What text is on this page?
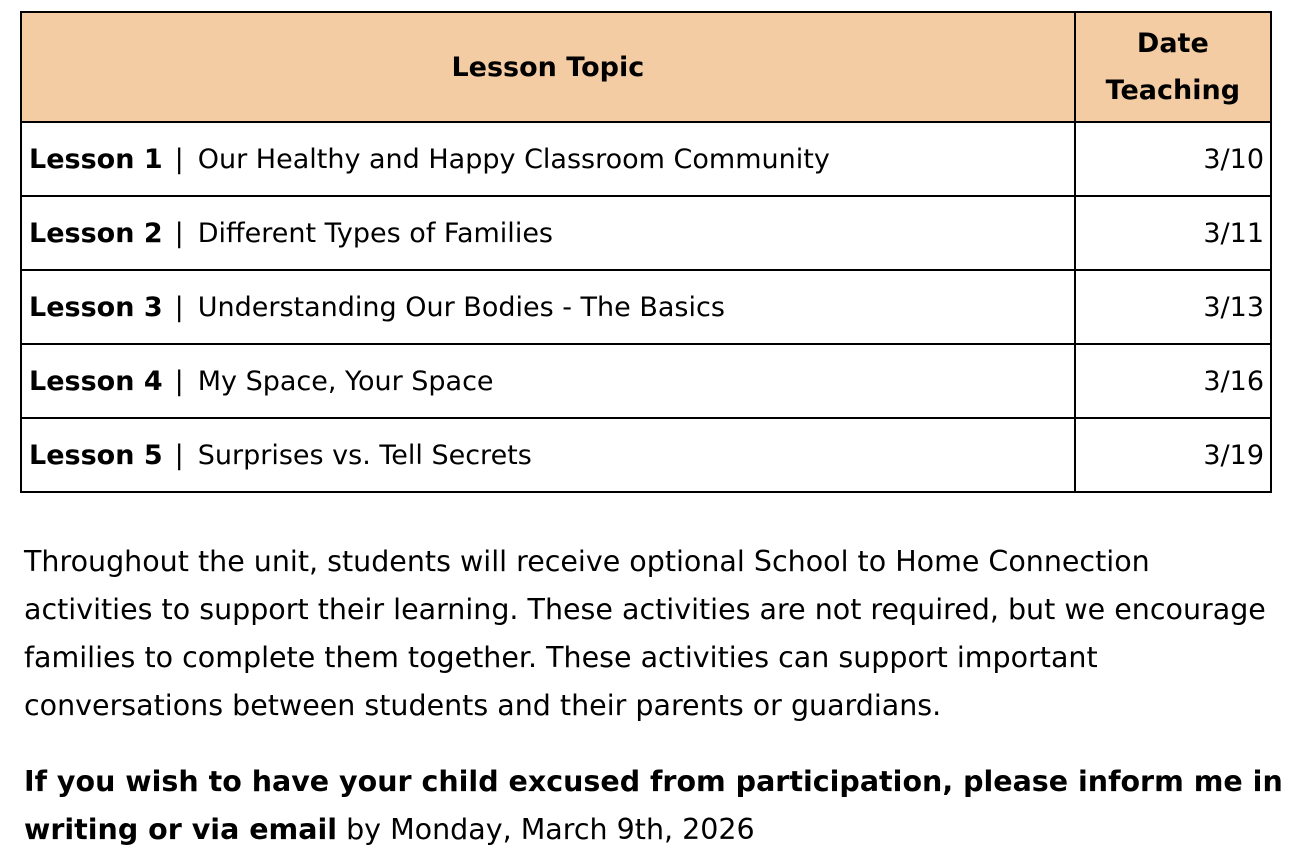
Lesson Topic	Date
Teaching
Lesson 1 | Our Healthy and Happy Classroom Community	3/10
Lesson 2 | Different Types of Families	3/11
Lesson 3 | Understanding Our Bodies - The Basics	3/13
Lesson 4 | My Space, Your Space	3/16
Lesson 5 | Surprises vs. Tell Secrets	3/19

Throughout the unit, students will receive optional School to Home Connection activities to support their learning. These activities are not required, but we encourage families to complete them together. These activities can support important conversations between students and their parents or guardians.

If you wish to have your child excused from participation, please inform me in writing or via email by Monday, March 9th, 2026
